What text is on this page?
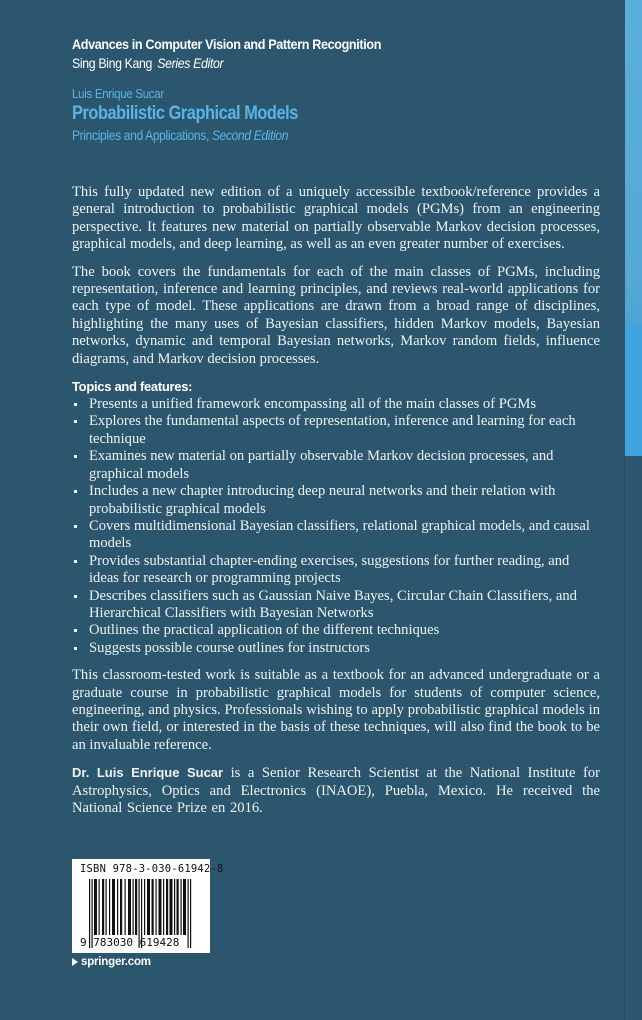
Advances in Computer Vision and Pattern Recognition
Sing Bing Kang Series Editor
Luis Enrique Sucar
Probabilistic Graphical Models
Principles and Applications, Second Edition

This fully updated new edition of a uniquely accessible textbook/reference provides a general introduction to probabilistic graphical models (PGMs) from an engineering perspective. It features new material on partially observable Markov decision processes, graphical models, and deep learning, as well as an even greater number of exercises.

The book covers the fundamentals for each of the main classes of PGMs, including representation, inference and learning principles, and reviews real-world applications for each type of model. These applications are drawn from a broad range of disciplines, highlighting the many uses of Bayesian classifiers, hidden Markov models, Bayesian networks, dynamic and temporal Bayesian networks, Markov random fields, influence diagrams, and Markov decision processes.

Topics and features:
Presents a unified framework encompassing all of the main classes of PGMs
Explores the fundamental aspects of representation, inference and learning for each technique
Examines new material on partially observable Markov decision processes, and graphical models
Includes a new chapter introducing deep neural networks and their relation with probabilistic graphical models
Covers multidimensional Bayesian classifiers, relational graphical models, and causal models
Provides substantial chapter-ending exercises, suggestions for further reading, and ideas for research or programming projects
Describes classifiers such as Gaussian Naive Bayes, Circular Chain Classifiers, and Hierarchical Classifiers with Bayesian Networks
Outlines the practical application of the different techniques
Suggests possible course outlines for instructors

This classroom-tested work is suitable as a textbook for an advanced undergraduate or a graduate course in probabilistic graphical models for students of computer science, engineering, and physics. Professionals wishing to apply probabilistic graphical models in their own field, or interested in the basis of these techniques, will also find the book to be an invaluable reference.

Dr. Luis Enrique Sucar is a Senior Research Scientist at the National Institute for Astrophysics, Optics and Electronics (INAOE), Puebla, Mexico. He received the National Science Prize en 2016.

ISBN 978-3-030-61942-8
9 783030 619428
springer.com
